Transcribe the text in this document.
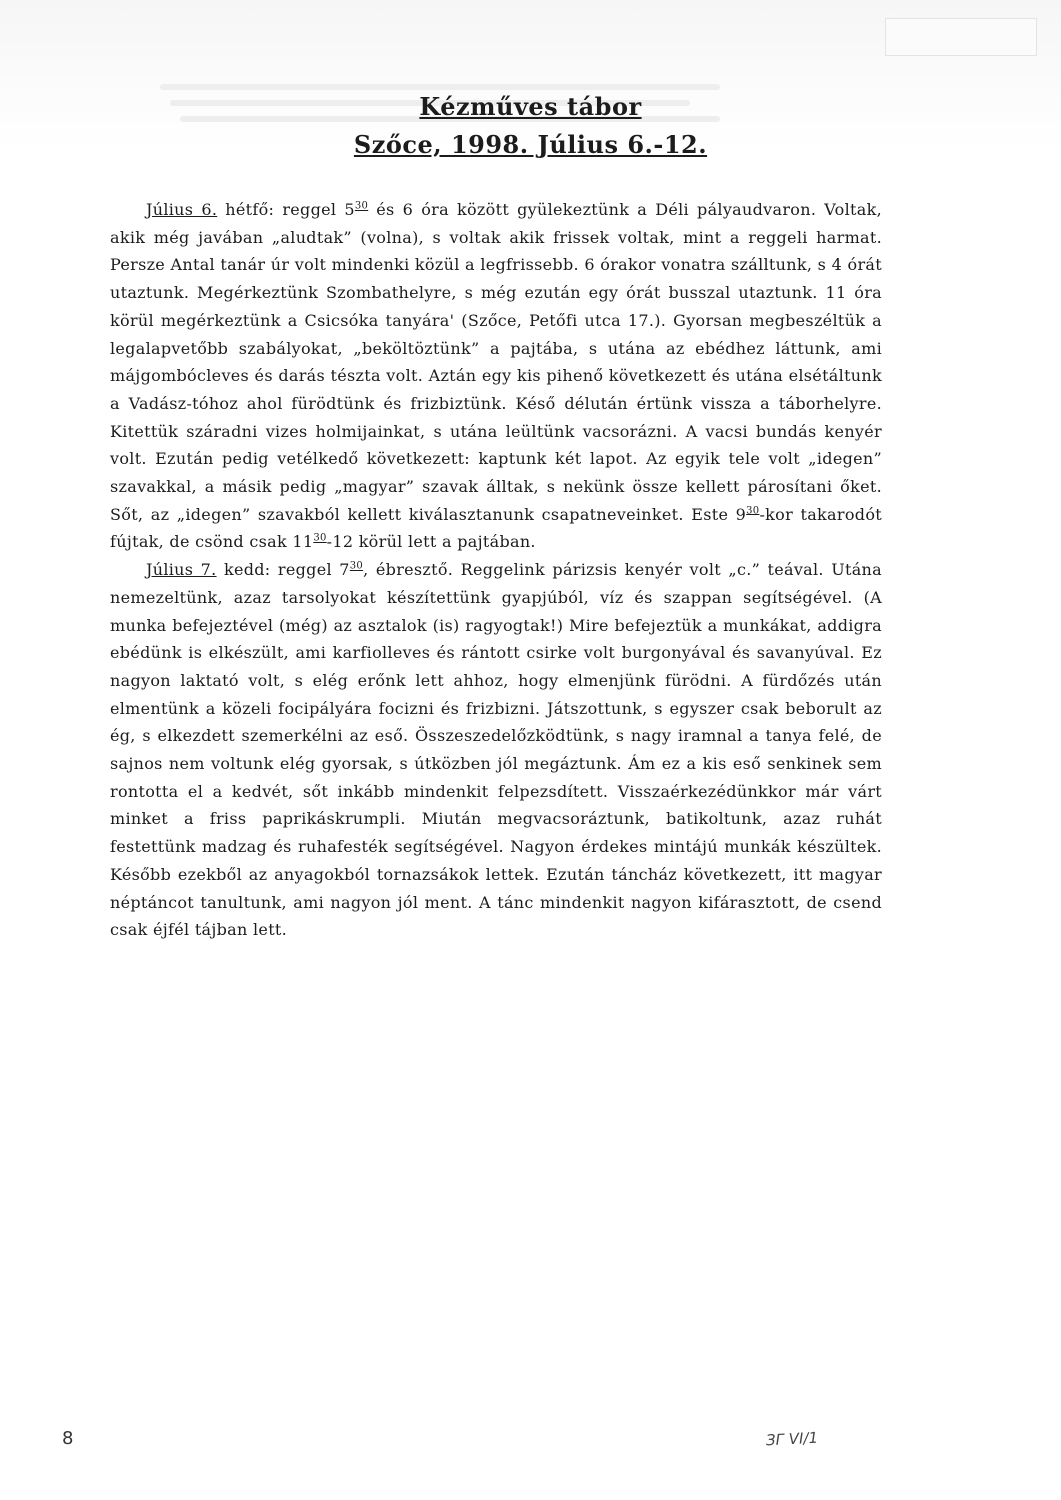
Kézműves tábor
Szőce, 1998. Július 6.-12.

Július 6. hétfő: reggel $5^{30}$ és 6 óra között gyülekeztünk a Déli pályaudvaron. Voltak, akik még javában „aludtak” (volna), s voltak akik frissek voltak, mint a reggeli harmat. Persze Antal tanár úr volt mindenki közül a legfrissebb. 6 órakor vonatra szálltunk, s 4 órát utaztunk. Megérkeztünk Szombathelyre, s még ezután egy órát busszal utaztunk. 11 óra körül megérkeztünk a Csicsóka tanyára' (Szőce, Petőfi utca 17.). Gyorsan megbeszéltük a legalapvetőbb szabályokat, „beköltöztünk” a pajtába, s utána az ebédhez láttunk, ami májgombócleves és darás tészta volt. Aztán egy kis pihenő következett és utána elsétáltunk a Vadász-tóhoz ahol fürödtünk és frizbiztünk. Késő délután értünk vissza a táborhelyre. Kitettük száradni vizes holmijainkat, s utána leültünk vacsorázni. A vacsi bundás kenyér volt. Ezután pedig vetélkedő következett: kaptunk két lapot. Az egyik tele volt „idegen” szavakkal, a másik pedig „magyar” szavak álltak, s nekünk össze kellett párosítani őket. Sőt, az „idegen” szavakból kellett kiválasztanunk csapatneveinket. Este $9^{30}$-kor takarodót fújtak, de csönd csak $11^{30}-12$ körül lett a pajtában.

Július 7. kedd: reggel $7^{30}$, ébresztő. Reggelink párizsis kenyér volt „c.” teával. Utána nemezeltünk, azaz tarsolyokat készítettünk gyapjúból, víz és szappan segítségével. (A munka befejeztével (még) az asztalok (is) ragyogtak!) Mire befejeztük a munkákat, addigra ebédünk is elkészült, ami karfiolleves és rántott csirke volt burgonyával és savanyúval. Ez nagyon laktató volt, s elég erőnk lett ahhoz, hogy elmenjünk fürödni. A fürdőzés után elmentünk a közeli focipályára focizni és frizbizni. Játszottunk, s egyszer csak beborult az ég, s elkezdett szemerkélni az eső. Összeszedelőzködtünk, s nagy iramnal a tanya felé, de sajnos nem voltunk elég gyorsak, s útközben jól megáztunk. Ám ez a kis eső senkinek sem rontotta el a kedvét, sőt inkább mindenkit felpezsdített. Visszaérkezédünkkor már várt minket a friss paprikáskrumpli. Miután megvacsoráztunk, batikoltunk, azaz ruhát festettünk madzag és ruhafesték segítségével. Nagyon érdekes mintájú munkák készültek. Később ezekből az anyagokból tornazsákok lettek. Ezután táncház következett, itt magyar néptáncot tanultunk, ami nagyon jól ment. A tánc mindenkit nagyon kifárasztott, de csend csak éjfél tájban lett.

8	ЗГ VI/1
